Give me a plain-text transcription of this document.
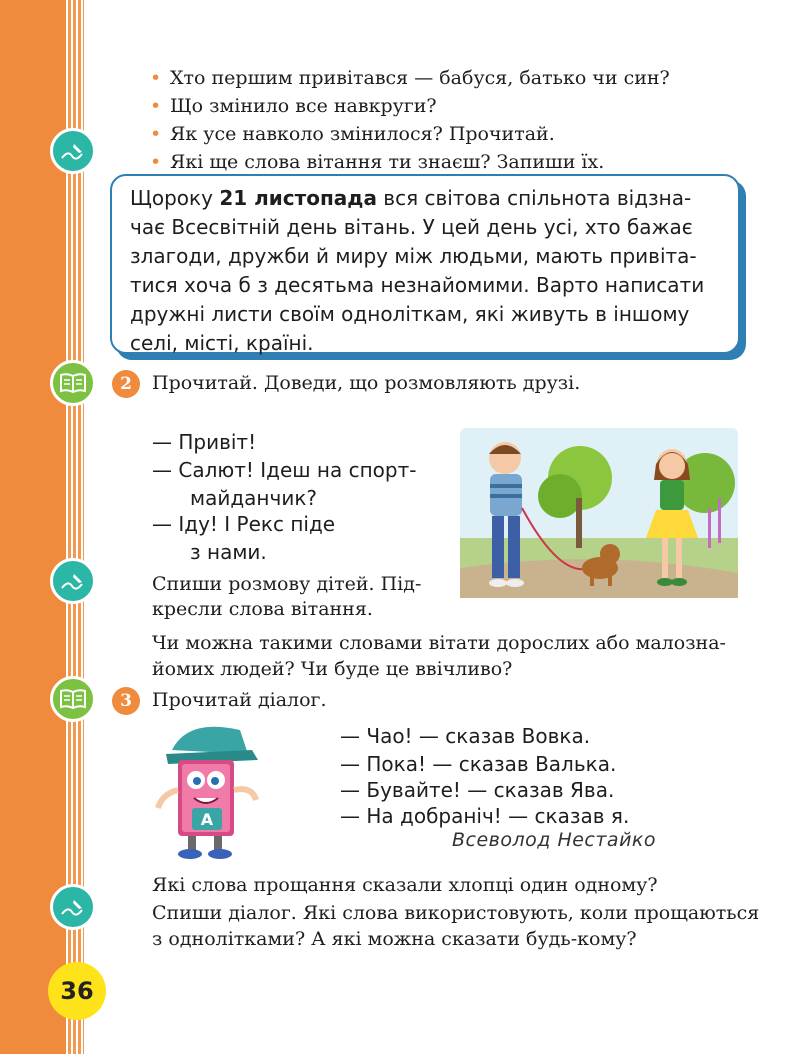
• Хто першим привітався — бабуся, батько чи син?
• Що змінило все навкруги?
• Як усе навколо змінилося? Прочитай.
• Які ще слова вітання ти знаєш? Запиши їх.
Щороку 21 листопада вся світова спільнота відзна-
чає Всесвітній день вітань. У цей день усі, хто бажає
злагоди, дружби й миру між людьми, мають привіта-
тися хоча б з десятьма незнайомими. Варто написати
дружні листи своїм одноліткам, які живуть в іншому
селі, місті, країні.
2	Прочитай. Доведи, що розмовляють друзі.
— Привіт!
— Салют! Ідеш на спорт-
майданчик?
— Іду! І Рекс піде
з нами.
Спиши розмову дітей. Під-
кресли слова вітання.
Чи можна такими словами вітати дорослих або малозна-
йомих людей? Чи буде це ввічливо?
3	Прочитай діалог.
А
— Чао! — сказав Вовка.
— Пока! — сказав Валька.
— Бувайте! — сказав Ява.
— На добраніч! — сказав я.
Всеволод Нестайко
Які слова прощання сказали хлопці один одному?
Спиши діалог. Які слова використовують, коли прощаються
з однолітками? А які можна сказати будь-кому?
36
